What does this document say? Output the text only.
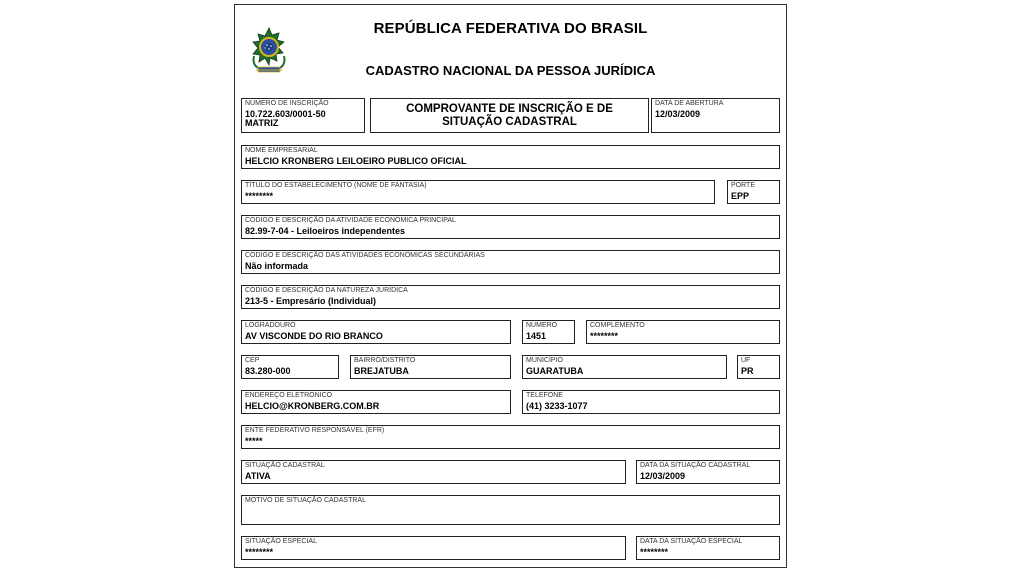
REPÚBLICA FEDERATIVA DO BRASIL
CADASTRO NACIONAL DA PESSOA JURÍDICA
NÚMERO DE INSCRIÇÃO
10.722.603/0001-50
MATRIZ
COMPROVANTE DE INSCRIÇÃO E DE SITUAÇÃO CADASTRAL
DATA DE ABERTURA
12/03/2009
NOME EMPRESARIAL
HELCIO KRONBERG LEILOEIRO PUBLICO OFICIAL
TÍTULO DO ESTABELECIMENTO (NOME DE FANTASIA)
********
PORTE
EPP
CÓDIGO E DESCRIÇÃO DA ATIVIDADE ECONÔMICA PRINCIPAL
82.99-7-04 - Leiloeiros independentes
CÓDIGO E DESCRIÇÃO DAS ATIVIDADES ECONÔMICAS SECUNDÁRIAS
Não informada
CÓDIGO E DESCRIÇÃO DA NATUREZA JURÍDICA
213-5 - Empresário (Individual)
LOGRADOURO
AV VISCONDE DO RIO BRANCO
NÚMERO
1451
COMPLEMENTO
********
CEP
83.280-000
BAIRRO/DISTRITO
BREJATUBA
MUNICÍPIO
GUARATUBA
UF
PR
ENDEREÇO ELETRÔNICO
HELCIO@KRONBERG.COM.BR
TELEFONE
(41) 3233-1077
ENTE FEDERATIVO RESPONSÁVEL (EFR)
*****
SITUAÇÃO CADASTRAL
ATIVA
DATA DA SITUAÇÃO CADASTRAL
12/03/2009
MOTIVO DE SITUAÇÃO CADASTRAL
SITUAÇÃO ESPECIAL
********
DATA DA SITUAÇÃO ESPECIAL
********
